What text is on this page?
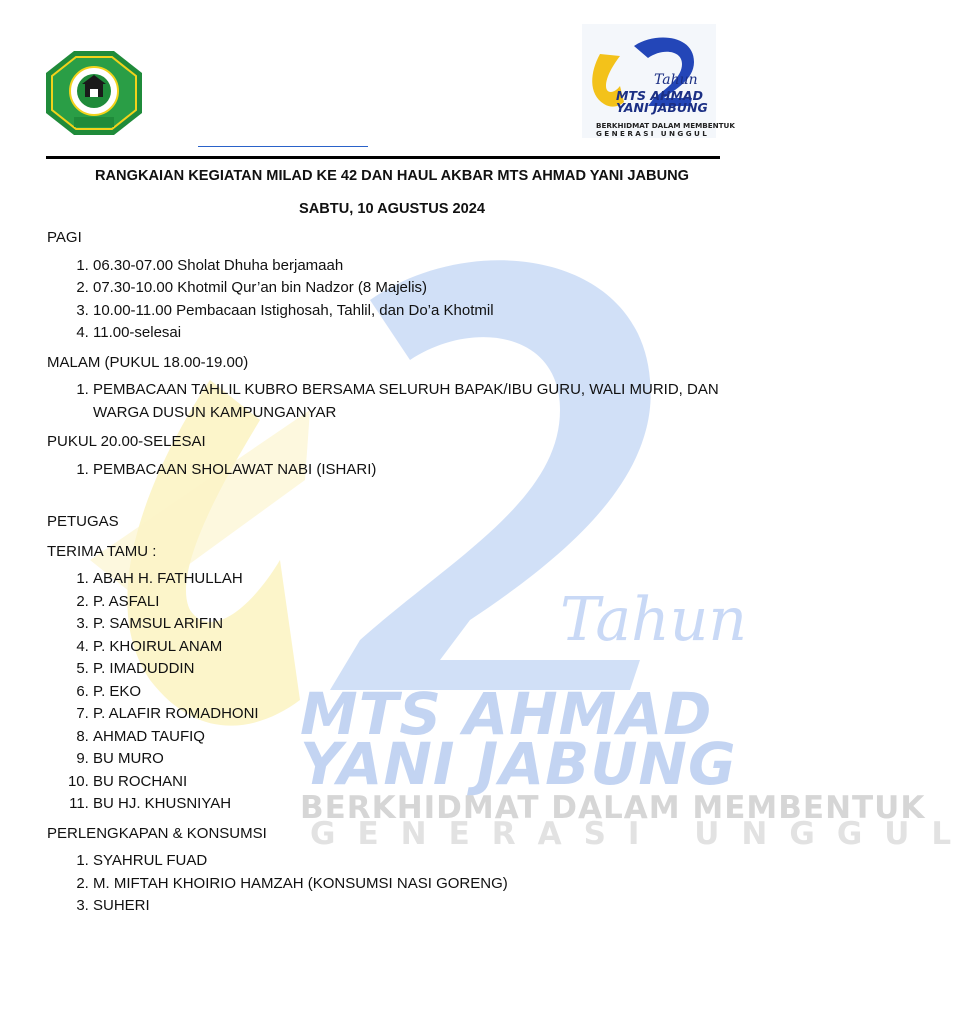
Tahun
MTS AHMAD
YANI JABUNG
BERKHIDMAT DALAM MEMBENTUK
GENERASI UNGGUL
Tahun
MTS AHMAD
YANI JABUNG
BERKHIDMAT DALAM MEMBENTUK
GENERASI UNGGUL

RANGKAIAN KEGIATAN MILAD KE 42 DAN HAUL AKBAR MTS AHMAD YANI JABUNG

SABTU, 10 AGUSTUS 2024

PAGI
1. 06.30-07.00 Sholat Dhuha berjamaah
2. 07.30-10.00 Khotmil Qur’an bin Nadzor (8 Majelis)
3. 10.00-11.00 Pembacaan Istighosah, Tahlil, dan Do’a Khotmil
4. 11.00-selesai
MALAM (PUKUL 18.00-19.00)
1. PEMBACAAN TAHLIL KUBRO BERSAMA SELURUH BAPAK/IBU GURU, WALI MURID, DAN WARGA DUSUN KAMPUNGANYAR
PUKUL 20.00-SELESAI
1. PEMBACAAN SHOLAWAT NABI (ISHARI)
PETUGAS
TERIMA TAMU :
1. ABAH H. FATHULLAH
2. P. ASFALI
3. P. SAMSUL ARIFIN
4. P. KHOIRUL ANAM
5. P. IMADUDDIN
6. P. EKO
7. P. ALAFIR ROMADHONI
8. AHMAD TAUFIQ
9. BU MURO
10. BU ROCHANI
11. BU HJ. KHUSNIYAH
PERLENGKAPAN & KONSUMSI
1. SYAHRUL FUAD
2. M. MIFTAH KHOIRIO HAMZAH (KONSUMSI NASI GORENG)
3. SUHERI
